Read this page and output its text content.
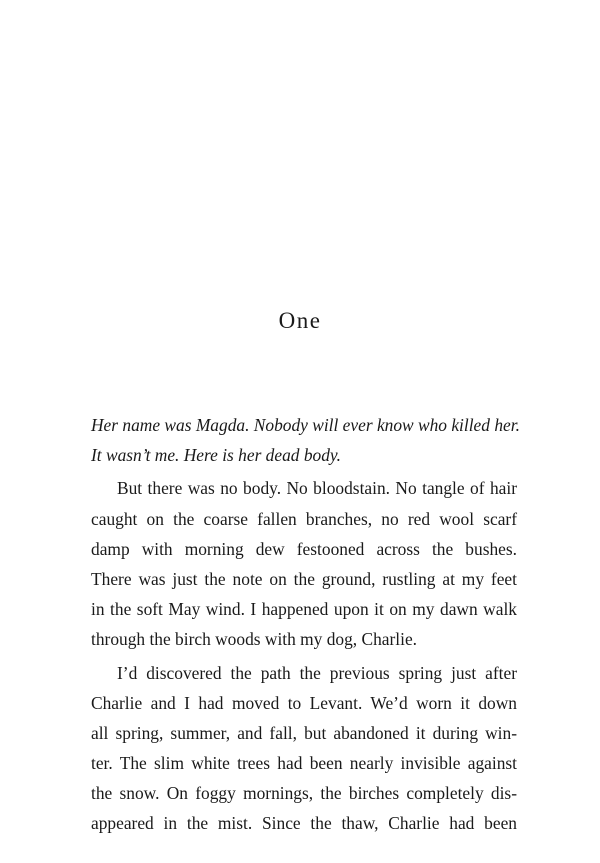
One
Her name was Magda. Nobody will ever know who killed her.
It wasn’t me. Here is her dead body.
But there was no body. No bloodstain. No tangle of hair
caught on the coarse fallen branches, no red wool scarf
damp with morning dew festooned across the bushes.
There was just the note on the ground, rustling at my feet
in the soft May wind. I happened upon it on my dawn walk
through the birch woods with my dog, Charlie.
I’d discovered the path the previous spring just after
Charlie and I had moved to Levant. We’d worn it down
all spring, summer, and fall, but abandoned it during win-
ter. The slim white trees had been nearly invisible against
the snow. On foggy mornings, the birches completely dis-
appeared in the mist. Since the thaw, Charlie had been
